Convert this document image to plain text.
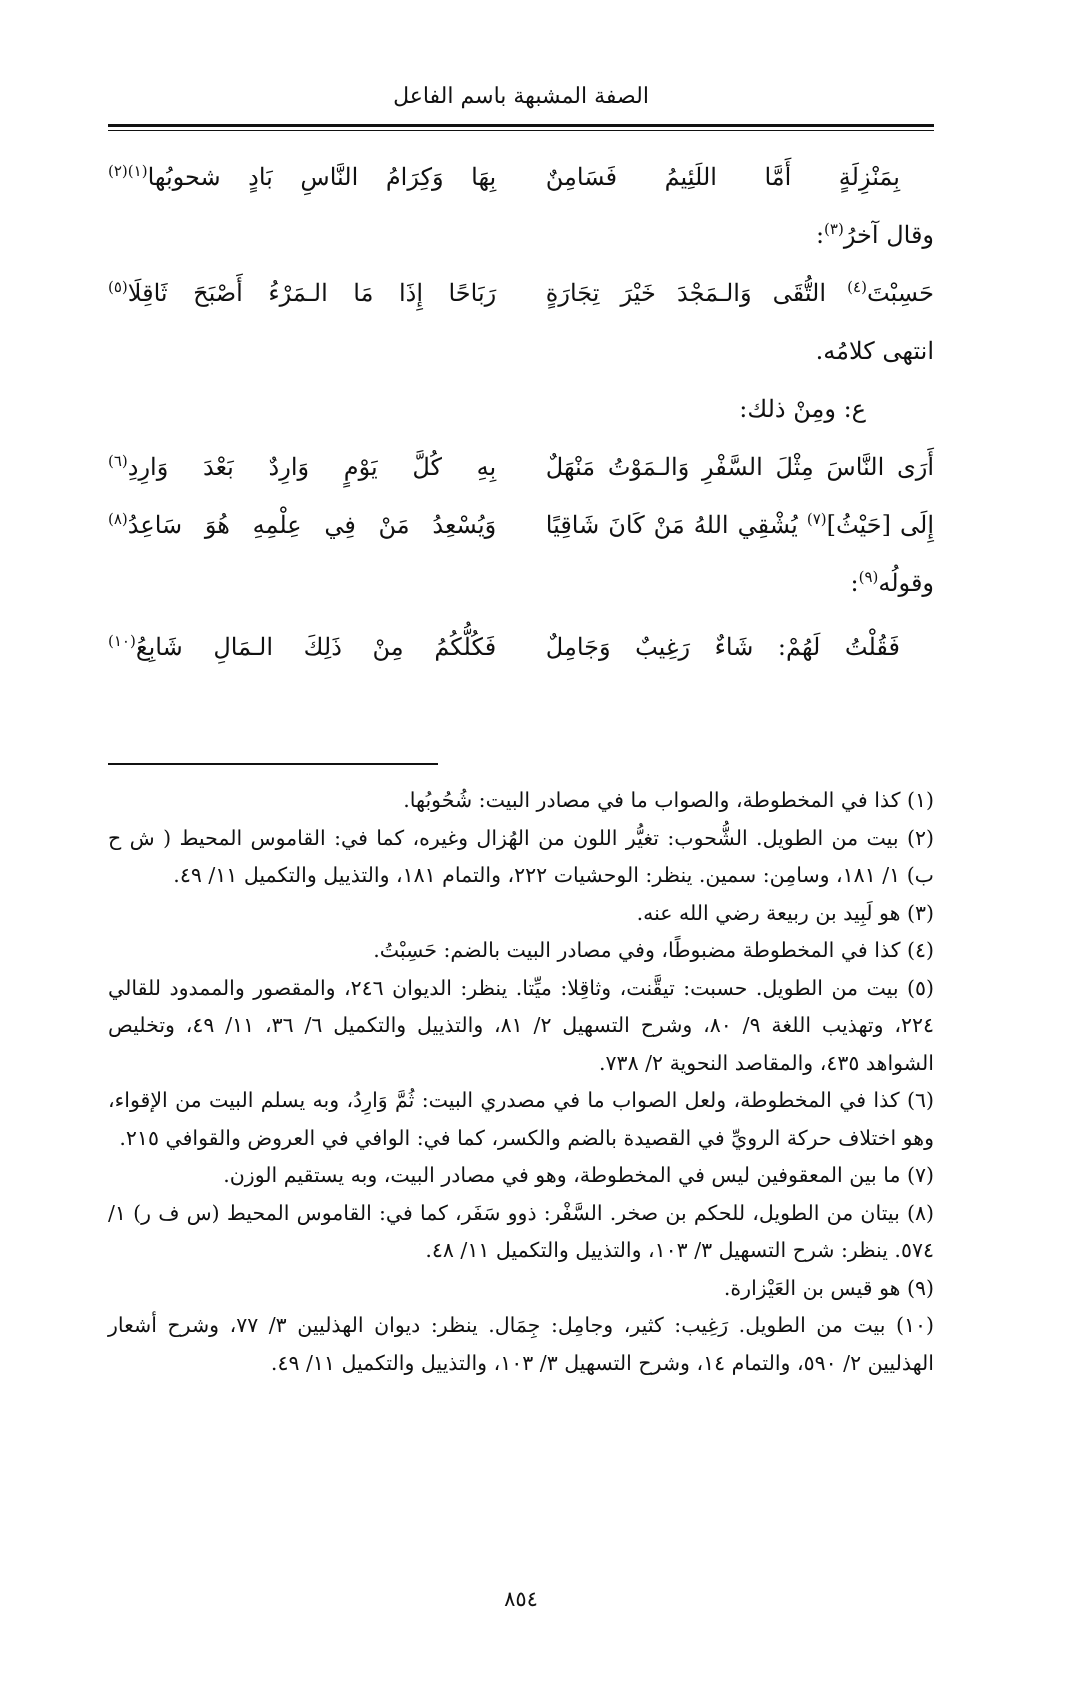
الصفة المشبهة باسم الفاعل
بِمَنْزِلَةٍ أَمَّا اللَئِيمُ فَسَامِنٌ
بِهَا وَكِرَامُ النَّاسِ بَادٍ شحوبُها$^{(١)(٢)}$
وقال آخرُ$^{(٣)}$:
حَسِبْتَ$^{(٤)}$ التُّقَى وَالـمَجْدَ خَيْرَ تِجَارَةٍ
رَبَاحًا إِذَا مَا الـمَرْءُ أَصْبَحَ ثَاقِلَا$^{(٥)}$
انتهى كلامُه.
ع: ومِنْ ذلك:
أَرَى النَّاسَ مِثْلَ السَّفْرِ وَالـمَوْتُ مَنْهَلٌ
بِهِ كُلَّ يَوْمٍ وَارِدٌ بَعْدَ وَارِدِ$^{(٦)}$
إِلَى [حَيْثُ]$^{(٧)}$ يُشْقِي اللهُ مَنْ كَانَ شَاقِيًا
وَيُسْعِدُ مَنْ فِي عِلْمِهِ هُوَ سَاعِدُ$^{(٨)}$
وقولُه$^{(٩)}$:
فَقُلْتُ لَهُمْ: شَاءٌ رَغِيبٌ وَجَامِلٌ
فَكُلُّكُمُ مِنْ ذَلِكَ الـمَالِ شَابِعُ$^{(١٠)}$
(١) كذا في المخطوطة، والصواب ما في مصادر البيت: شُحُوبُها.
(٢) بيت من الطويل. الشُّحوب: تغيُّر اللون من الهُزال وغيره، كما في: القاموس المحيط ( ش ح ب) ١/ ١٨١، وسامِن: سمين. ينظر: الوحشيات ٢٢٢، والتمام ١٨١، والتذييل والتكميل ١١/ ٤٩.
(٣) هو لَبِيد بن ربيعة رضي الله عنه.
(٤) كذا في المخطوطة مضبوطًا، وفي مصادر البيت بالضم: حَسِبْتُ.
(٥) بيت من الطويل. حسبت: تيقَّنت، وثاقِلا: ميِّتا. ينظر: الديوان ٢٤٦، والمقصور والممدود للقالي ٢٢٤، وتهذيب اللغة ٩/ ٨٠، وشرح التسهيل ٢/ ٨١، والتذييل والتكميل ٦/ ٣٦، ١١/ ٤٩، وتخليص الشواهد ٤٣٥، والمقاصد النحوية ٢/ ٧٣٨.
(٦) كذا في المخطوطة، ولعل الصواب ما في مصدري البيت: ثُمَّ وَارِدُ، وبه يسلم البيت من الإقواء، وهو اختلاف حركة الرويِّ في القصيدة بالضم والكسر، كما في: الوافي في العروض والقوافي ٢١٥.
(٧) ما بين المعقوفين ليس في المخطوطة، وهو في مصادر البيت، وبه يستقيم الوزن.
(٨) بيتان من الطويل، للحكم بن صخر. السَّفْر: ذوو سَفَر، كما في: القاموس المحيط (س ف ر) ١/ ٥٧٤. ينظر: شرح التسهيل ٣/ ١٠٣، والتذييل والتكميل ١١/ ٤٨.
(٩) هو قيس بن العَيْزارة.
(١٠) بيت من الطويل. رَغِيب: كثير، وجامِل: جِمَال. ينظر: ديوان الهذليين ٣/ ٧٧، وشرح أشعار الهذليين ٢/ ٥٩٠، والتمام ١٤، وشرح التسهيل ٣/ ١٠٣، والتذييل والتكميل ١١/ ٤٩.
٨٥٤
